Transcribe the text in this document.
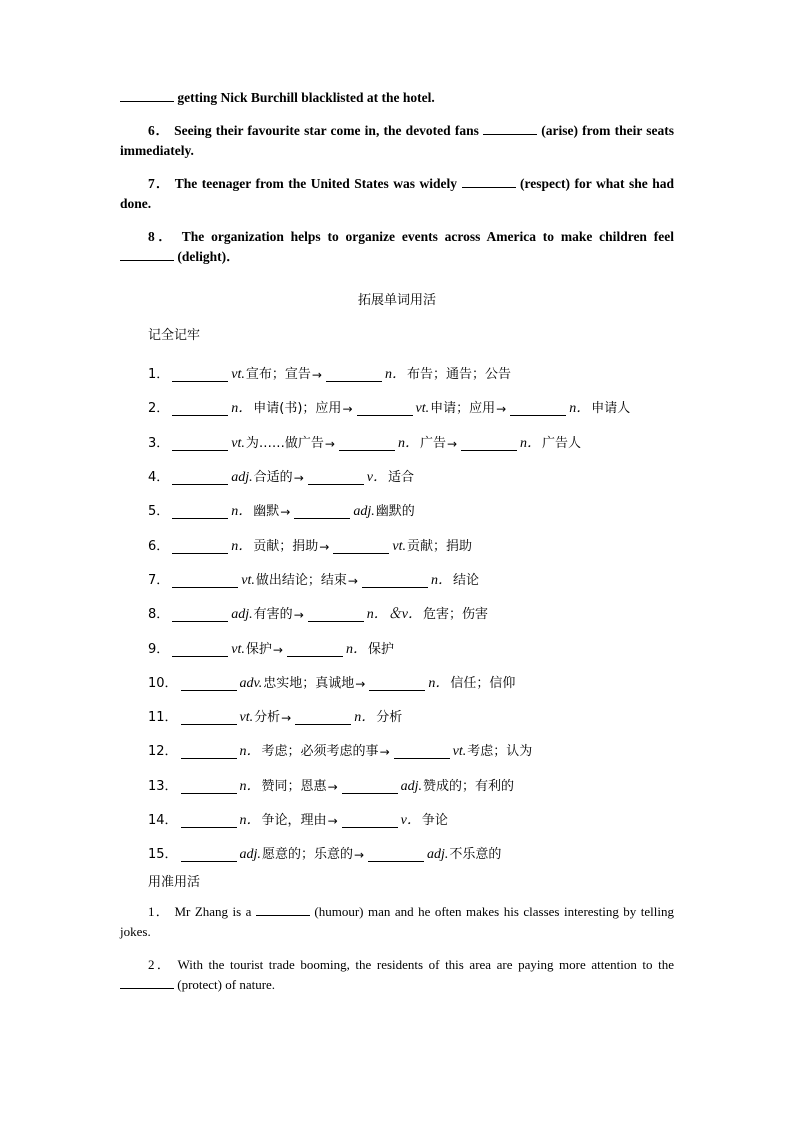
getting Nick Burchill blacklisted at the hotel.

6． Seeing their favourite star come in, the devoted fans	(arise) from their seats immediately.

7． The teenager from the United States was widely	(respect) for what she had done.

8． The organization helps to organize events across America to make children feel  (delight)．

拓展单词用活

记全记牢

1．	vt. 宣布；宣告 →	n． 布告；通告；公告
2．	n． 申请(书)；应用 →	vt. 申请；应用 →	n． 申请人
3．	vt. 为……做广告 →	n． 广告 →	n． 广告人
4．	adj. 合适的 →	v． 适合
5．	n． 幽默 →	adj. 幽默的
6．	n． 贡献；捐助 →	vt. 贡献；捐助
7．	vt. 做出结论；结束 →	n． 结论
8．	adj. 有害的 →	n．＆v． 危害；伤害
9．	vt. 保护 →	n． 保护
10．	adv. 忠实地；真诚地 →	n． 信任；信仰
11．	vt. 分析 →	n． 分析
12．	n． 考虑；必须考虑的事 →	vt. 考虑；认为
13．	n． 赞同；恩惠 →	adj. 赞成的；有利的
14．	n． 争论，理由 →	v． 争论
15．	adj. 愿意的；乐意的 →	adj. 不乐意的

用准用活

1． Mr Zhang is a	(humour) man and he often makes his classes interesting by telling jokes.

2． With the tourist trade booming, the residents of this area are paying more attention to the  (protect) of nature.
